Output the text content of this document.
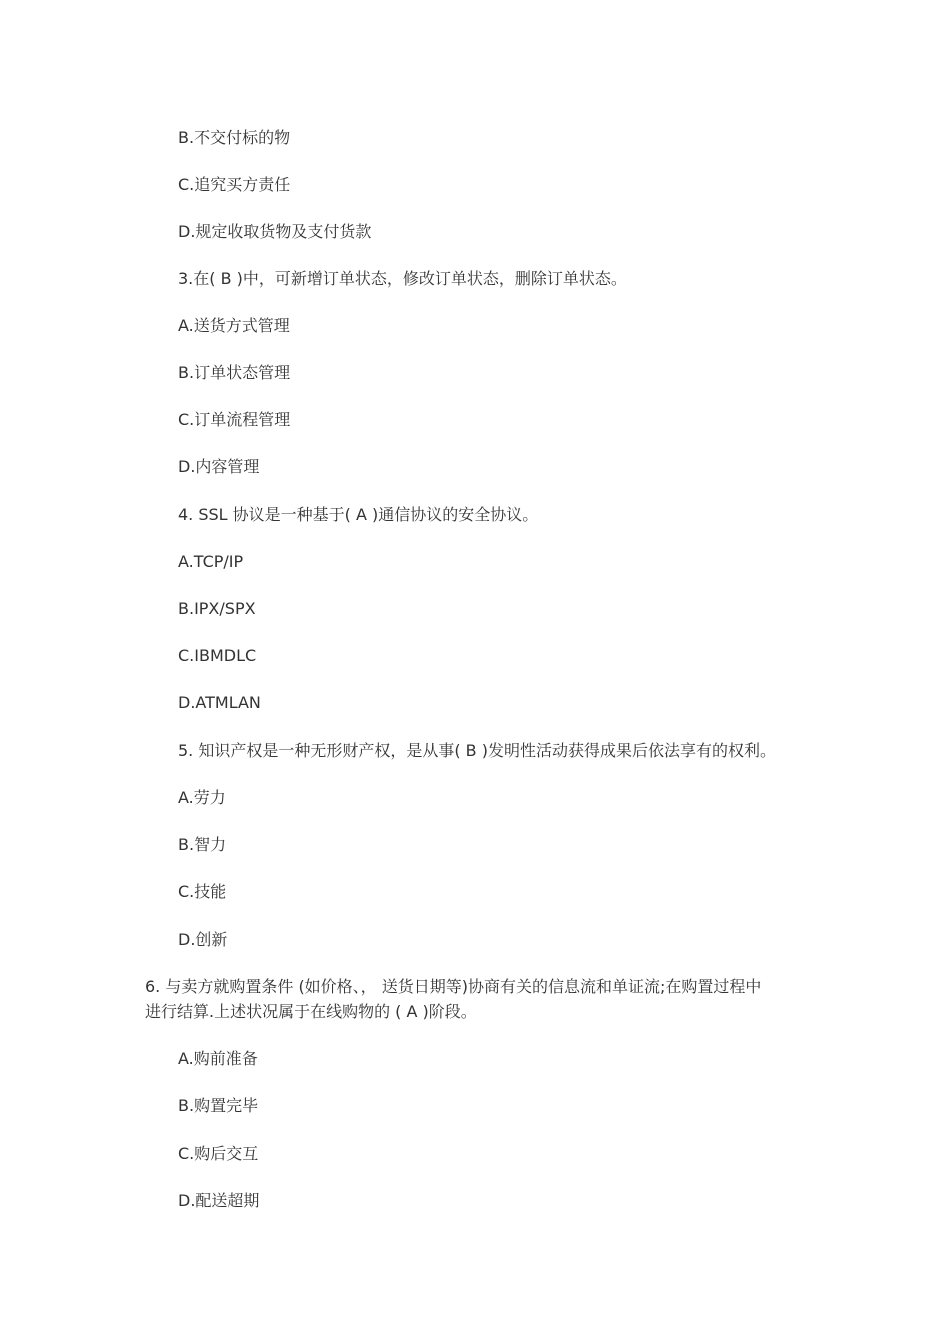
B.不交付标的物
C.追究买方责任
D.规定收取货物及支付货款
3.在( B )中，可新增订单状态，修改订单状态，删除订单状态。
A.送货方式管理
B.订单状态管理
C.订单流程管理
D.内容管理
4. SSL 协议是一种基于( A )通信协议的安全协议。
A.TCP/IP
B.IPX/SPX
C.IBMDLC
D.ATMLAN
5. 知识产权是一种无形财产权，是从事( B )发明性活动获得成果后依法享有的权利。
A.劳力
B.智力
C.技能
D.创新
6. 与卖方就购置条件 (如价格、， 送货日期等)协商有关的信息流和单证流;在购置过程中
进行结算.上述状况属于在线购物的 ( A )阶段。
A.购前准备
B.购置完毕
C.购后交互
D.配送超期
